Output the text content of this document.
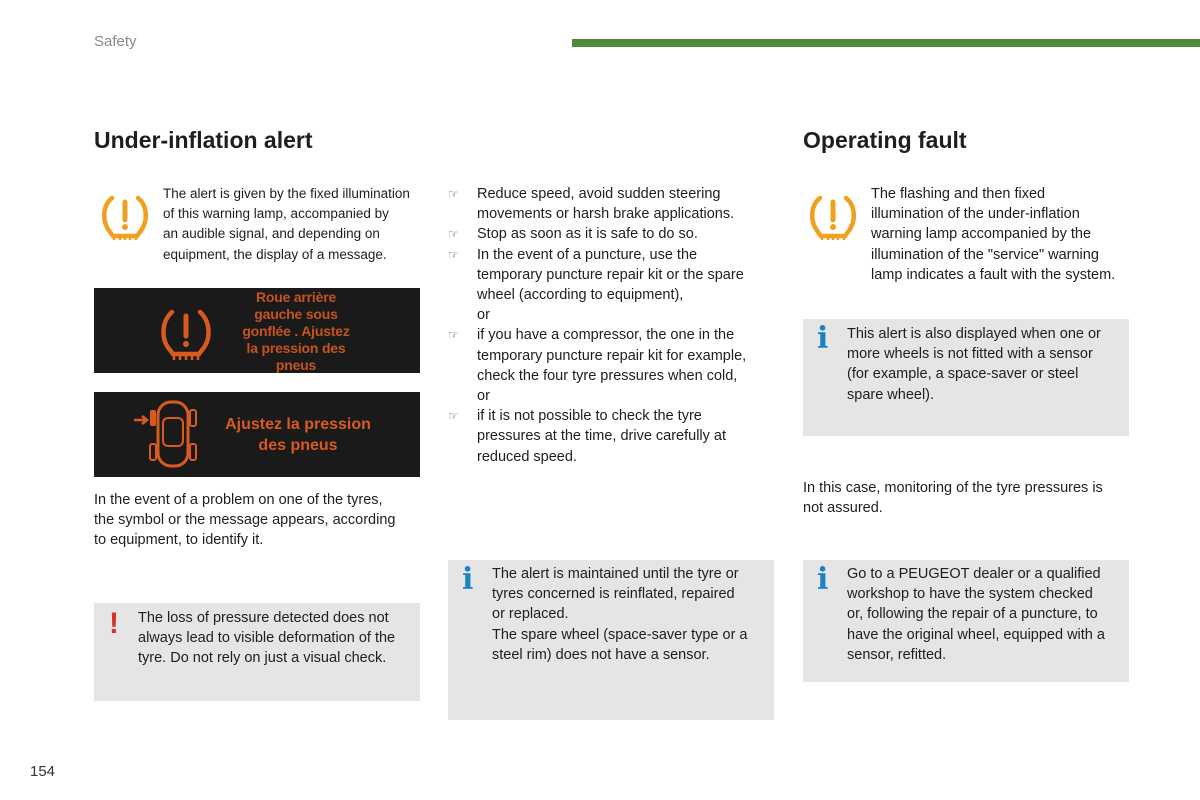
Safety
Under-inflation alert

The alert is given by the fixed illumination

of this warning lamp, accompanied by

an audible signal, and depending on

equipment, the display of a message.

Roue arrière
gauche sous
gonflée . Ajustez
la pression des
pneus
Ajustez la pression
des pneus

In the event of a problem on one of the tyres,

the symbol or the message appears, according

to equipment, to identify it.

! The loss of pressure detected does not

always lead to visible deformation of the

tyre. Do not rely on just a visual check.

☞ Reduce speed, avoid sudden steering

movements or harsh brake applications.

☞ Stop as soon as it is safe to do so.

☞ In the event of a puncture, use the

temporary puncture repair kit or the spare

wheel (according to equipment),

or

☞ if you have a compressor, the one in the

temporary puncture repair kit for example,

check the four tyre pressures when cold,

or

☞ if it is not possible to check the tyre

pressures at the time, drive carefully at

reduced speed.

i The alert is maintained until the tyre or

tyres concerned is reinflated, repaired

or replaced.

The spare wheel (space-saver type or a

steel rim) does not have a sensor.

Operating fault

The flashing and then fixed

illumination of the under-inflation

warning lamp accompanied by the

illumination of the "service" warning

lamp indicates a fault with the system.

i This alert is also displayed when one or

more wheels is not fitted with a sensor

(for example, a space-saver or steel

spare wheel).

In this case, monitoring of the tyre pressures is

not assured.

i Go to a PEUGEOT dealer or a qualified

workshop to have the system checked

or, following the repair of a puncture, to

have the original wheel, equipped with a

sensor, refitted.

154
